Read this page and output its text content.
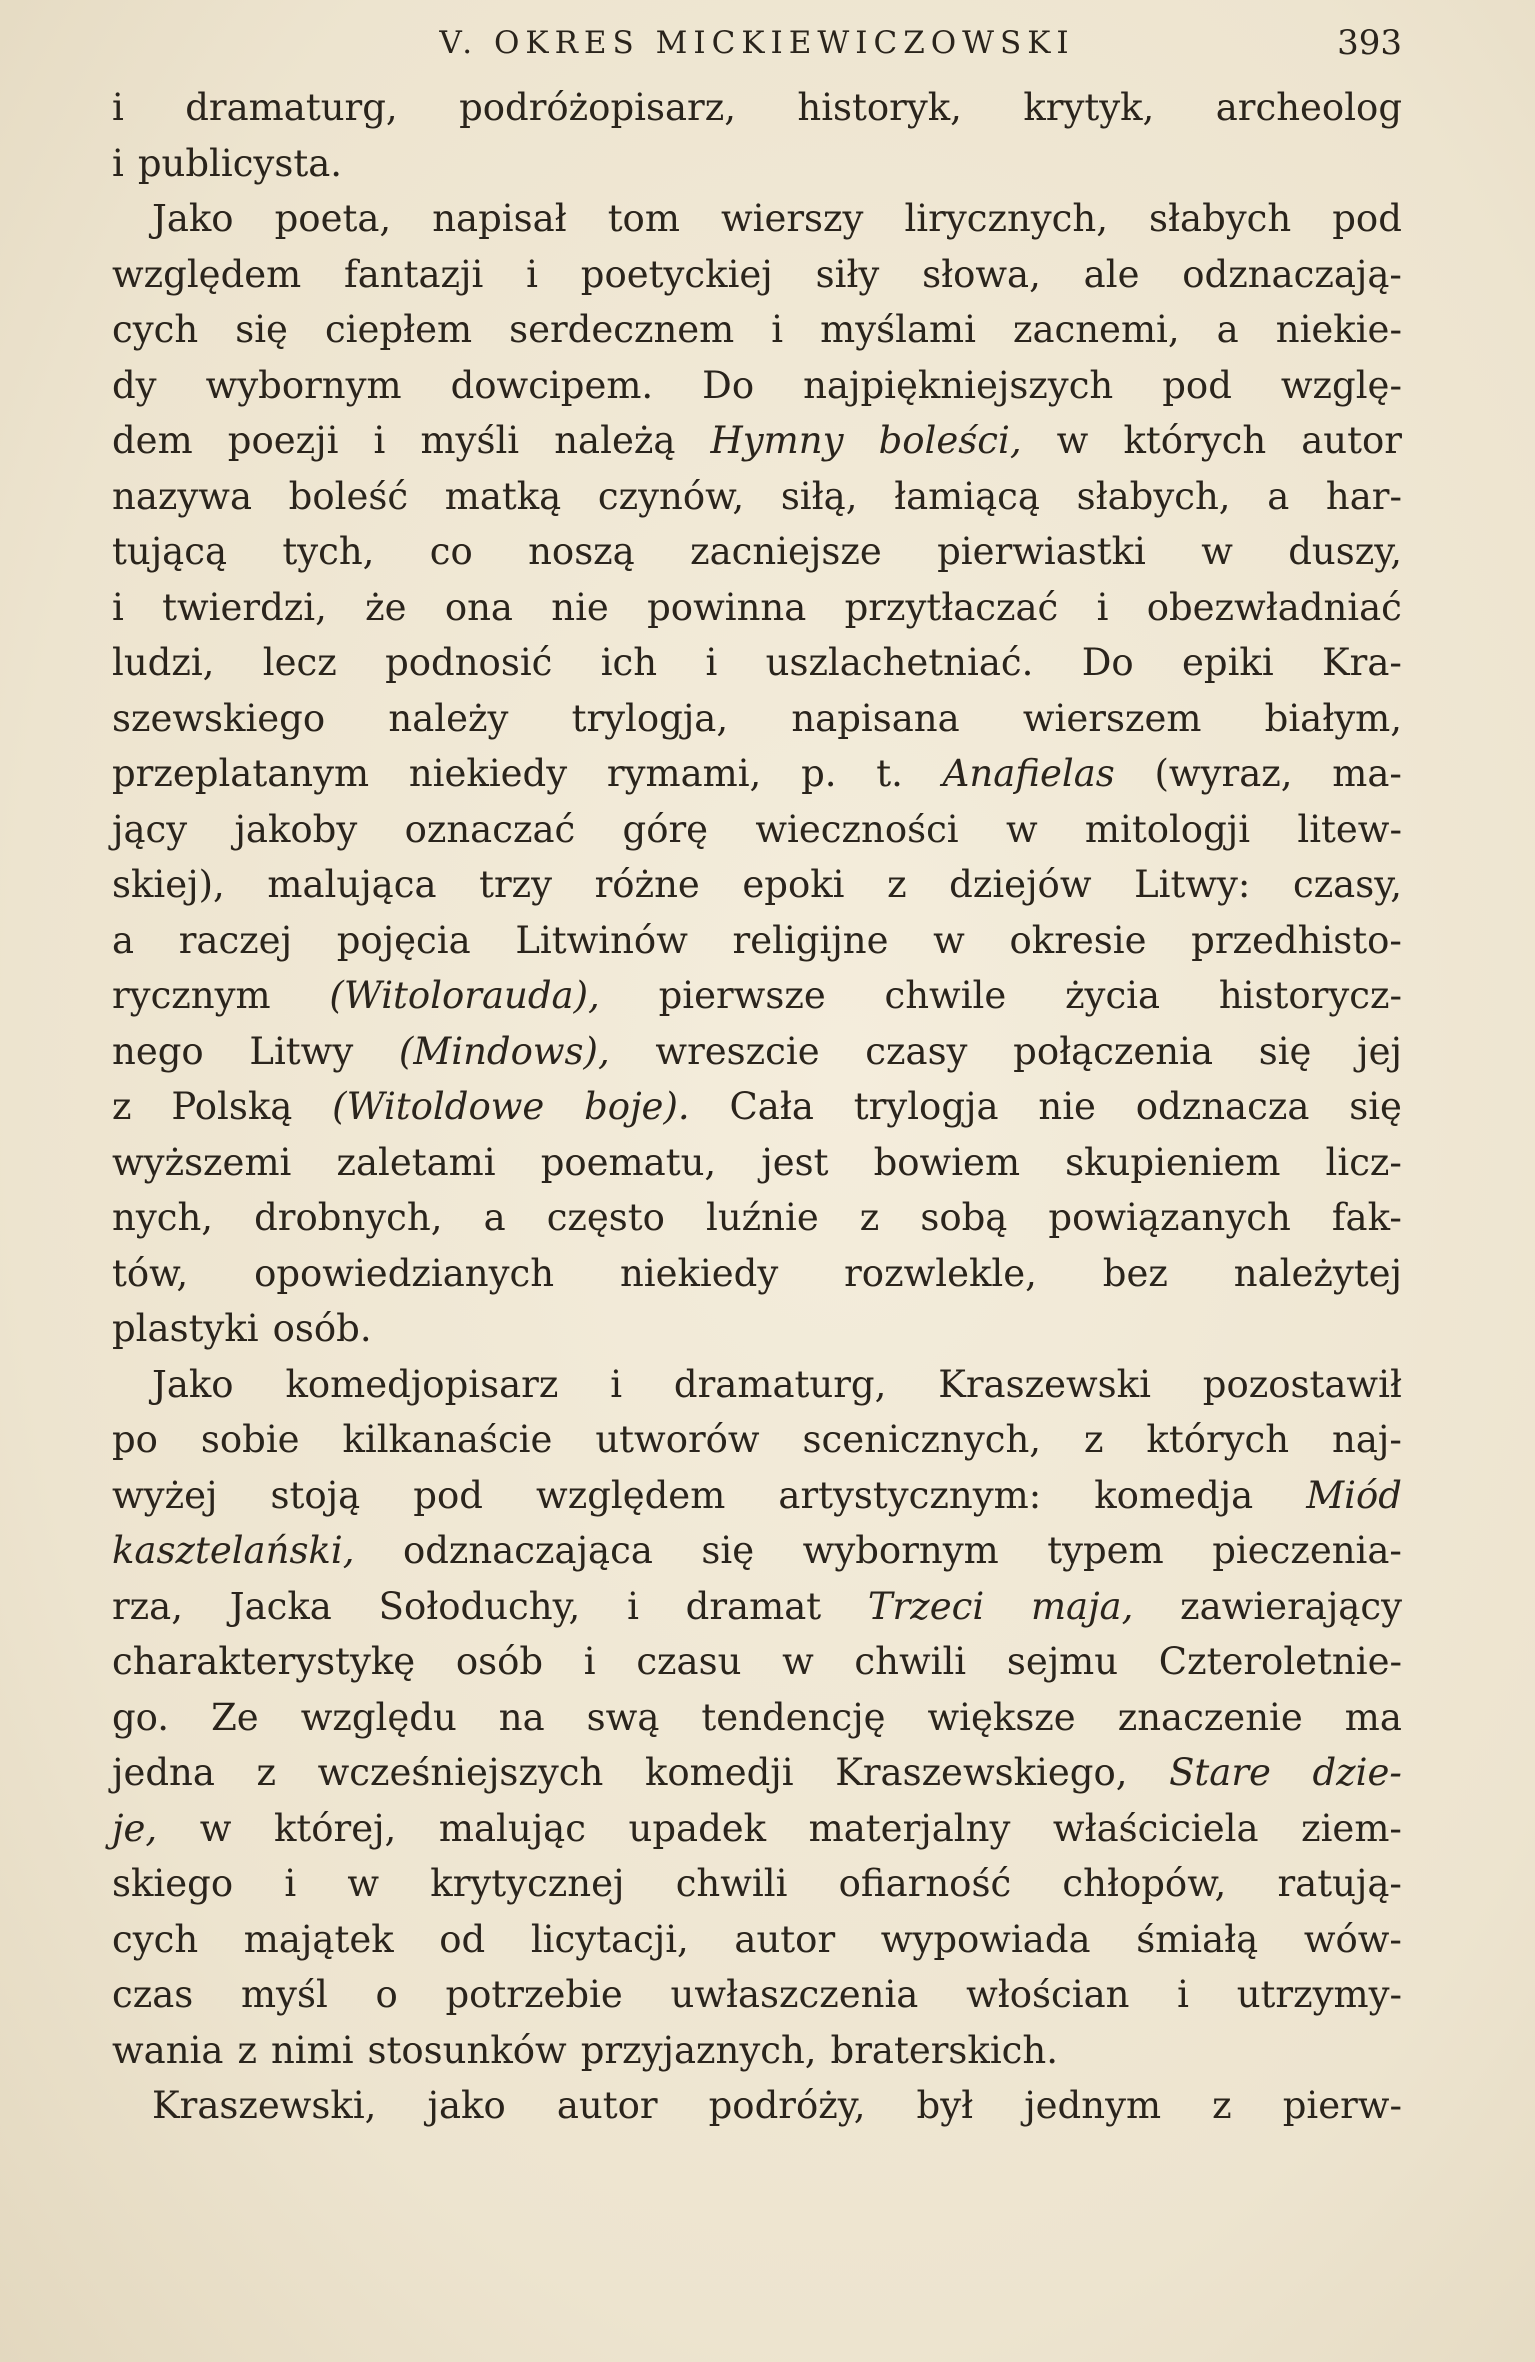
V. OKRES MICKIEWICZOWSKI	393
i dramaturg, podróżopisarz, historyk, krytyk, archeolog
i publicysta.
Jako poeta, napisał tom wierszy lirycznych, słabych pod
względem fantazji i poetyckiej siły słowa, ale odznaczają-
cych się ciepłem serdecznem i myślami zacnemi, a niekie-
dy wybornym dowcipem. Do najpiękniejszych pod wzglę-
dem poezji i myśli należą Hymny boleści, w których autor
nazywa boleść matką czynów, siłą, łamiącą słabych, a har-
tującą tych, co noszą zacniejsze pierwiastki w duszy,
i twierdzi, że ona nie powinna przytłaczać i obezwładniać
ludzi, lecz podnosić ich i uszlachetniać. Do epiki Kra-
szewskiego należy trylogja, napisana wierszem białym,
przeplatanym niekiedy rymami, p. t. Anafielas (wyraz, ma-
jący jakoby oznaczać górę wieczności w mitologji litew-
skiej), malująca trzy różne epoki z dziejów Litwy: czasy,
a raczej pojęcia Litwinów religijne w okresie przedhisto-
rycznym (Witolorauda), pierwsze chwile życia historycz-
nego Litwy (Mindows), wreszcie czasy połączenia się jej
z Polską (Witoldowe boje). Cała trylogja nie odznacza się
wyższemi zaletami poematu, jest bowiem skupieniem licz-
nych, drobnych, a często luźnie z sobą powiązanych fak-
tów, opowiedzianych niekiedy rozwlekle, bez należytej
plastyki osób.
Jako komedjopisarz i dramaturg, Kraszewski pozostawił
po sobie kilkanaście utworów scenicznych, z których naj-
wyżej stoją pod względem artystycznym: komedja Miód
kasztelański, odznaczająca się wybornym typem pieczenia-
rza, Jacka Sołoduchy, i dramat Trzeci maja, zawierający
charakterystykę osób i czasu w chwili sejmu Czteroletnie-
go. Ze względu na swą tendencję większe znaczenie ma
jedna z wcześniejszych komedji Kraszewskiego, Stare dzie-
je, w której, malując upadek materjalny właściciela ziem-
skiego i w krytycznej chwili ofiarność chłopów, ratują-
cych majątek od licytacji, autor wypowiada śmiałą wów-
czas myśl o potrzebie uwłaszczenia włościan i utrzymy-
wania z nimi stosunków przyjaznych, braterskich.
Kraszewski, jako autor podróży, był jednym z pierw-
